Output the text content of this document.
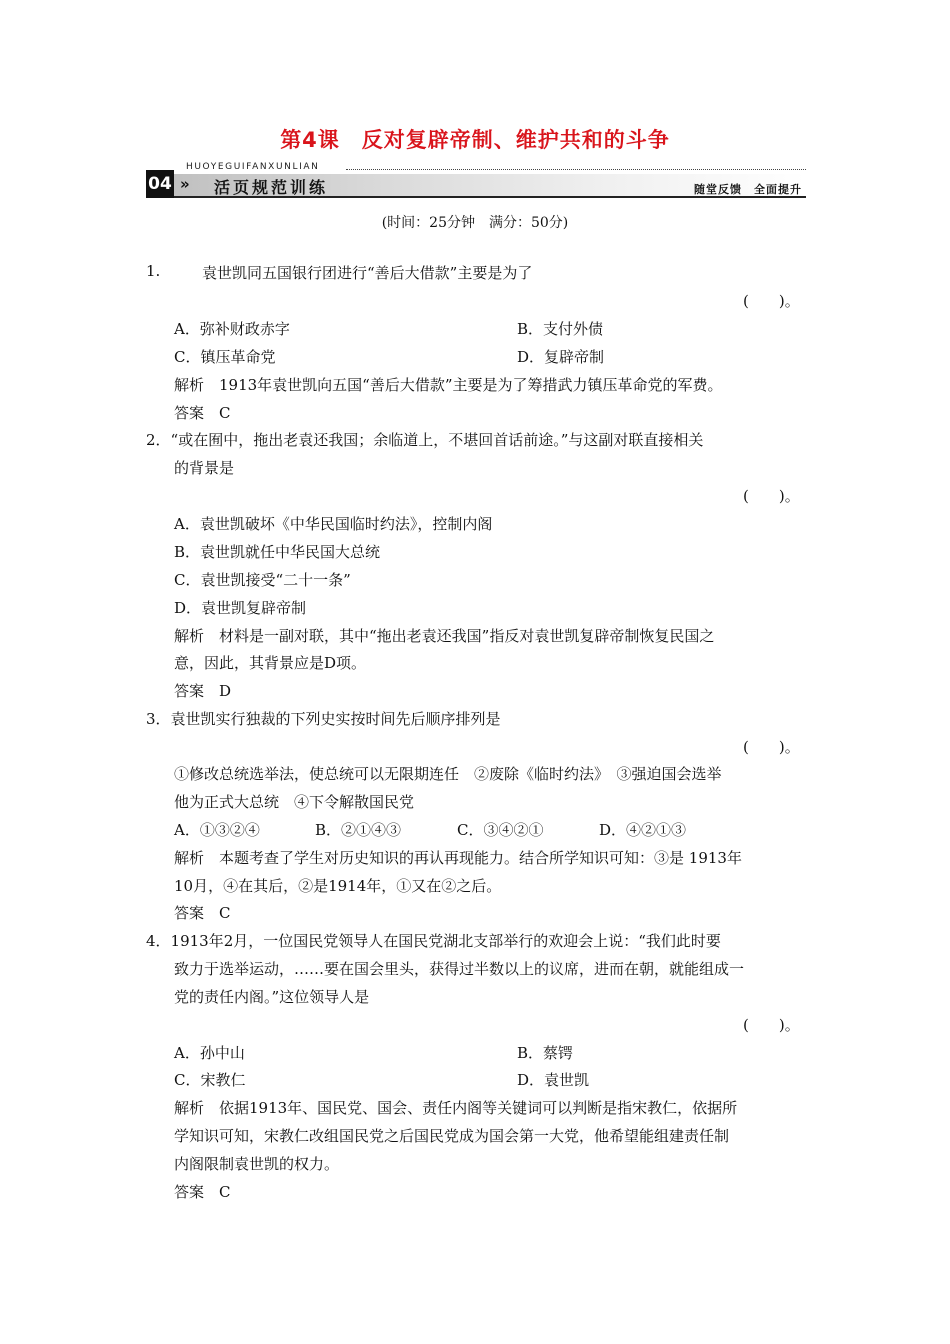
第4课　反对复辟帝制、维护共和的斗争
HUOYEGUIFANXUNLIAN
04 » 活页规范训练	随堂反馈　全面提升
(时间：25分钟　满分：50分)
1.	袁世凯同五国银行团进行“善后大借款”主要是为了
(　　)。
A．弥补财政赤字	B．支付外债
C．镇压革命党	D．复辟帝制
解析　1913年袁世凯向五国“善后大借款”主要是为了筹措武力镇压革命党的军费。
答案　C
2．“或在囿中，拖出老袁还我国；余临道上，不堪回首话前途。”与这副对联直接相关
的背景是
(　　)。
A．袁世凯破坏《中华民国临时约法》，控制内阁
B．袁世凯就任中华民国大总统
C．袁世凯接受“二十一条”
D．袁世凯复辟帝制
解析　材料是一副对联，其中“拖出老袁还我国”指反对袁世凯复辟帝制恢复民国之
意，因此，其背景应是D项。
答案　D
3．袁世凯实行独裁的下列史实按时间先后顺序排列是
(　　)。
①修改总统选举法，使总统可以无限期连任　②废除《临时约法》　③强迫国会选举
他为正式大总统　④下令解散国民党
A．①③②④	B．②①④③	C．③④②①	D．④②①③
解析　本题考查了学生对历史知识的再认再现能力。结合所学知识可知：③是 1913年
10月，④在其后，②是1914年，①又在②之后。
答案　C
4．1913年2月，一位国民党领导人在国民党湖北支部举行的欢迎会上说：“我们此时要
致力于选举运动，……要在国会里头，获得过半数以上的议席，进而在朝，就能组成一
党的责任内阁。”这位领导人是
(　　)。
A．孙中山	B．蔡锷
C．宋教仁	D．袁世凯
解析　依据1913年、国民党、国会、责任内阁等关键词可以判断是指宋教仁，依据所
学知识可知，宋教仁改组国民党之后国民党成为国会第一大党，他希望能组建责任制
内阁限制袁世凯的权力。
答案　C
